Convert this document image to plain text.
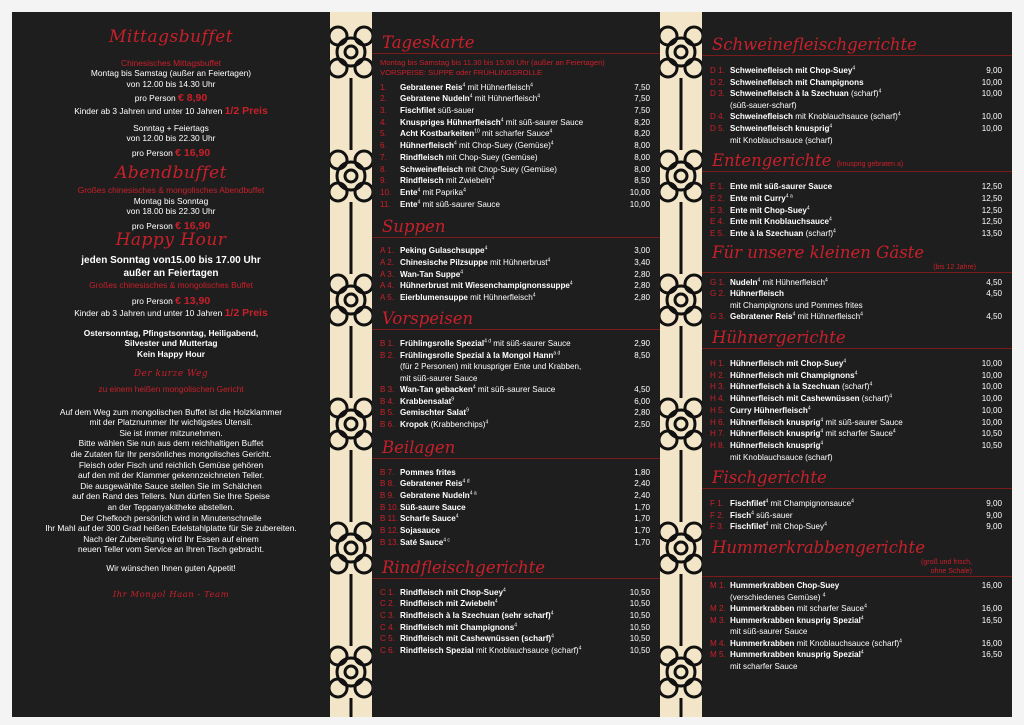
Mittagsbuffet
Chinesisches Mittagsbuffet
Montag bis Samstag (außer an Feiertagen)
von 12.00 bis 14.30 Uhr
pro Person € 8,90
Kinder ab 3 Jahren und unter 10 Jahren 1/2 Preis
Sonntag + Feiertags
von 12.00 bis 22.30 Uhr
pro Person € 16,90
Abendbuffet
Großes chinesisches & mongolisches Abendbuffet
Montag bis Sonntag
von 18.00 bis 22.30 Uhr
pro Person € 16,90
Happy Hour
jeden Sonntag von15.00 bis 17.00 Uhr
außer an Feiertagen
Großes chinesisches & mongolisches Buffet
pro Person € 13,90
Kinder ab 3 Jahren und unter 10 Jahren 1/2 Preis
Ostersonntag, Pfingstsonntag, Heiligabend,
Silvester und Muttertag
Kein Happy Hour
Der kurze Weg
zu einem heißen mongolischen Gericht
Auf dem Weg zum mongolischen Buffet ist die Holzklammer
mit der Platznummer Ihr wichtigstes Utensil.
Sie ist immer mitzunehmen.
Bitte wählen Sie nun aus dem reichhaltigen Buffet
die Zutaten für Ihr persönliches mongolisches Gericht.
Fleisch oder Fisch und reichlich Gemüse gehören
auf den mit der Klammer gekennzeichneten Teller.
Die ausgewählte Sauce stellen Sie im Schälchen
auf den Rand des Tellers. Nun dürfen Sie Ihre Speise
an der Teppanyakitheke abstellen.
Der Chefkoch persönlich wird in Minutenschnelle
Ihr Mahl auf der 300 Grad heißen Edelstahlplatte für Sie zubereiten.
Nach der Zubereitung wird Ihr Essen auf einem
neuen Teller vom Service an Ihren Tisch gebracht.
Wir wünschen Ihnen guten Appetit!
Ihr Mongol Haan - Team
Tageskarte
Montag bis Samstag bis 11.30 bis 15.00 Uhr (außer an Feiertagen)
VORSPEISE: SUPPE oder FRÜHLINGSROLLE
1.	Gebratener Reis$^4$ mit Hühnerfleisch$^4$	7,50
2.	Gebratene Nudeln$^4$ mit Hühnerfleisch$^4$	7,50
3.	Fischfilet süß-sauer	7,50
4.	Knuspriges Hühnerfleisch$^4$ mit süß-saurer Sauce	8,20
5.	Acht Kostbarkeiten$^{10}$ mit scharfer Sauce$^4$	8,20
6.	Hühnerfleisch$^4$ mit Chop-Suey (Gemüse)$^4$	8,00
7.	Rindfleisch mit Chop-Suey (Gemüse)	8,00
8.	Schweinefleisch mit Chop-Suey (Gemüse)	8,00
9.	Rindfleisch mit Zwiebeln$^4$	8,50
10.	Ente$^4$ mit Paprika$^4$	10,00
11.	Ente$^4$ mit süß-saurer Sauce	10,00
Suppen
A 1. Peking Gulaschsuppe$^4$	3,00
A 2. Chinesische Pilzsuppe mit Hühnerbrust$^4$	3,40
A 3. Wan-Tan Suppe$^4$	2,80
A 4. Hühnerbrust mit Wiesenchampignonssuppe$^4$	2,80
A 5. Eierblumensuppe mit Hühnerfleisch$^4$	2,80
Vorspeisen
B 1. Frühlingsrolle Spezial$^{4 d}$ mit süß-saurer Sauce	2,90
B 2. Frühlingsrolle Spezial à la Mongol Hann$^{a d}$	8,50
(für 2 Personen) mit knuspriger Ente und Krabben,
mit süß-saurer Sauce
B 3. Wan-Tan gebacken$^4$ mit süß-saurer Sauce	4,50
B 4. Krabbensalat$^9$	6,00
B 5. Gemischter Salat$^9$	2,80
B 6. Kropok (Krabbenchips)$^4$	2,50
Beilagen
B 7. Pommes frites	1,80
B 8. Gebratener Reis$^{4 d}$	2,40
B 9. Gebratene Nudeln$^{4 a}$	2,40
B 10. Süß-saure Sauce	1,70
B 11. Scharfe Sauce$^4$	1,70
B 12. Sojasauce	1,70
B 13. Saté Sauce$^{4 c}$	1,70
Rindfleischgerichte
C 1. Rindfleisch mit Chop-Suey$^4$	10,50
C 2. Rindfleisch mit Zwiebeln$^4$	10,50
C 3. Rindfleisch à la Szechuan (sehr scharf)$^4$	10,50
C 4. Rindfleisch mit Champignons$^4$	10,50
C 5. Rindfleisch mit Cashewnüssen (scharf)$^4$	10,50
C 6. Rindfleisch Spezial mit Knoblauchsauce (scharf)$^4$	10,50
Schweinefleischgerichte
D 1. Schweinefleisch mit Chop-Suey$^4$	9,00
D 2. Schweinefleisch mit Champignons	10,00
D 3. Schweinefleisch à la Szechuan (scharf)$^4$	10,00
(süß-sauer-scharf)
D 4. Schweinefleisch mit Knoblauchsauce (scharf)$^4$	10,00
D 5. Schweinefleisch knusprig$^4$	10,00
mit Knoblauchsauce (scharf)
Entengerichte (knusprig gebraten a)
E 1. Ente mit süß-saurer Sauce	12,50
E 2. Ente mit Curry$^{4 a}$	12,50
E 3. Ente mit Chop-Suey$^4$	12,50
E 4. Ente mit Knoblauchsauce$^4$	12,50
E 5. Ente à la Szechuan (scharf)$^4$	13,50
Für unsere kleinen Gäste
(bis 12 Jahre)
G 1. Nudeln$^4$ mit Hühnerfleisch$^4$	4,50
G 2. Hühnerfleisch	4,50
mit Champignons und Pommes frites
G 3. Gebratener Reis$^4$ mit Hühnerfleisch$^4$	4,50
Hühnergerichte
H 1. Hühnerfleisch mit Chop-Suey$^4$	10,00
H 2. Hühnerfleisch mit Champignons$^4$	10,00
H 3. Hühnerfleisch à la Szechuan (scharf)$^4$	10,00
H 4. Hühnerfleisch mit Cashewnüssen (scharf)$^4$	10,00
H 5. Curry Hühnerfleisch$^4$	10,00
H 6. Hühnerfleisch knusprig$^4$ mit süß-saurer Sauce	10,00
H 7. Hühnerfleisch knusprig$^4$ mit scharfer Sauce$^4$	10,50
H 8. Hühnerfleisch knusprig$^4$	10,50
mit Knoblauchsauce (scharf)
Fischgerichte
F 1. Fischfilet$^4$ mit Champignonsauce$^4$	9,00
F 2. Fisch$^4$ süß-sauer	9,00
F 3. Fischfilet$^4$ mit Chop-Suey$^4$	9,00
Hummerkrabbengerichte
(groß und frisch,
ohne Schale)
M 1. Hummerkrabben Chop-Suey	16,00
(verschiedenes Gemüse) $^4$
M 2. Hummerkrabben mit scharfer Sauce$^4$	16,00
M 3. Hummerkrabben knusprig Spezial$^4$	16,50
mit süß-saurer Sauce
M 4. Hummerkrabben mit Knoblauchsauce (scharf)$^4$	16,00
M 5. Hummerkrabben knusprig Spezial$^4$	16,50
mit scharfer Sauce
